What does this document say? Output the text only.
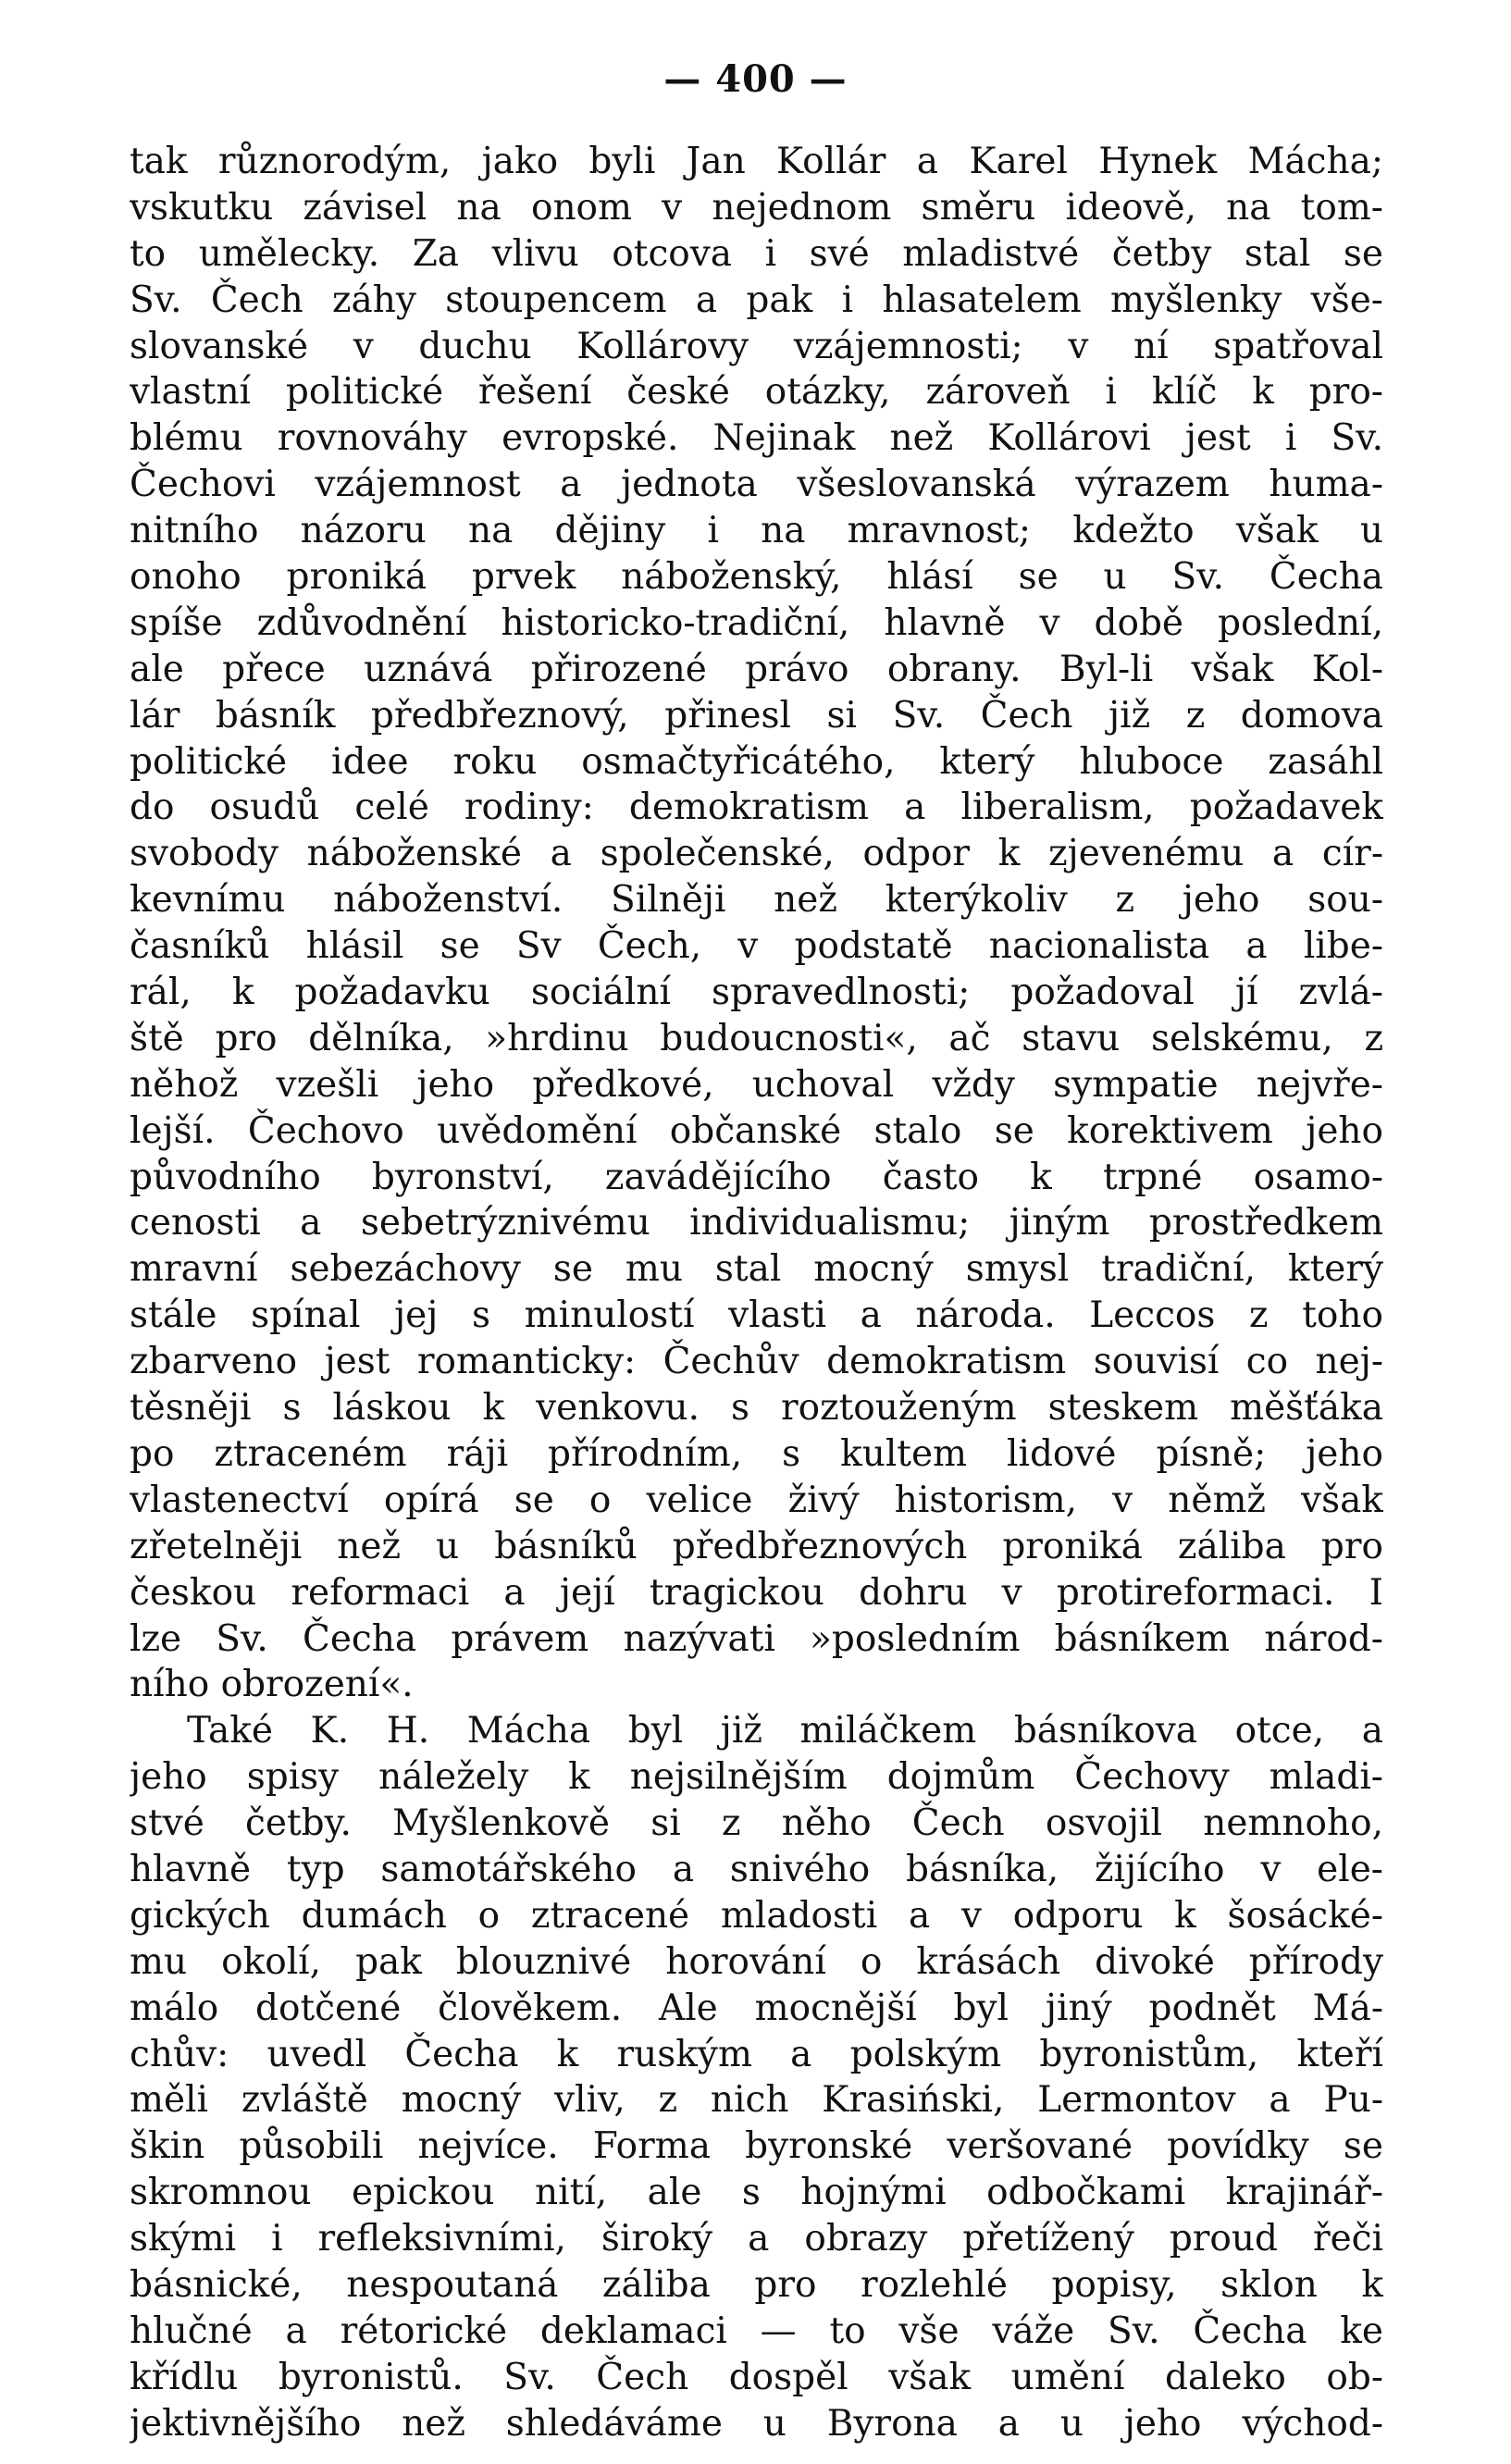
— 400 —
tak různorodým, jako byli Jan Kollár a Karel Hynek Mácha;
vskutku závisel na onom v nejednom směru ideově, na tom-
to umělecky. Za vlivu otcova i své mladistvé četby stal se
Sv. Čech záhy stoupencem a pak i hlasatelem myšlenky vše-
slovanské v duchu Kollárovy vzájemnosti; v ní spatřoval
vlastní politické řešení české otázky, zároveň i klíč k pro-
blému rovnováhy evropské. Nejinak než Kollárovi jest i Sv.
Čechovi vzájemnost a jednota všeslovanská výrazem huma-
nitního názoru na dějiny i na mravnost; kdežto však u
onoho proniká prvek náboženský, hlásí se u Sv. Čecha
spíše zdůvodnění historicko-tradiční, hlavně v době poslední,
ale přece uznává přirozené právo obrany. Byl-li však Kol-
lár básník předbřeznový, přinesl si Sv. Čech již z domova
politické idee roku osmačtyřicátého, který hluboce zasáhl
do osudů celé rodiny: demokratism a liberalism, požadavek
svobody náboženské a společenské, odpor k zjevenému a cír-
kevnímu náboženství. Silněji než kterýkoliv z jeho sou-
časníků hlásil se Sv Čech, v podstatě nacionalista a libe-
rál, k požadavku sociální spravedlnosti; požadoval jí zvlá-
ště pro dělníka, »hrdinu budoucnosti«, ač stavu selskému, z
něhož vzešli jeho předkové, uchoval vždy sympatie nejvře-
lejší. Čechovo uvědomění občanské stalo se korektivem jeho
původního byronství, zavádějícího často k trpné osamo-
cenosti a sebetrýznivému individualismu; jiným prostředkem
mravní sebezáchovy se mu stal mocný smysl tradiční, který
stále spínal jej s minulostí vlasti a národa. Leccos z toho
zbarveno jest romanticky: Čechův demokratism souvisí co nej-
těsněji s láskou k venkovu. s roztouženým steskem měšťáka
po ztraceném ráji přírodním, s kultem lidové písně; jeho
vlastenectví opírá se o velice živý historism, v němž však
zřetelněji než u básníků předbřeznových proniká záliba pro
českou reformaci a její tragickou dohru v protireformaci. I
lze Sv. Čecha právem nazývati »posledním básníkem národ-
ního obrození«.
Také K. H. Mácha byl již miláčkem básníkova otce, a
jeho spisy náležely k nejsilnějším dojmům Čechovy mladi-
stvé četby. Myšlenkově si z něho Čech osvojil nemnoho,
hlavně typ samotářského a snivého básníka, žijícího v ele-
gických dumách o ztracené mladosti a v odporu k šosácké-
mu okolí, pak blouznivé horování o krásách divoké přírody
málo dotčené člověkem. Ale mocnější byl jiný podnět Má-
chův: uvedl Čecha k ruským a polským byronistům, kteří
měli zvláště mocný vliv, z nich Krasiński, Lermontov a Pu-
škin působili nejvíce. Forma byronské veršované povídky se
skromnou epickou nití, ale s hojnými odbočkami krajinář-
skými i refleksivními, široký a obrazy přetížený proud řeči
básnické, nespoutaná záliba pro rozlehlé popisy, sklon k
hlučné a rétorické deklamaci — to vše váže Sv. Čecha ke
křídlu byronistů. Sv. Čech dospěl však umění daleko ob-
jektivnějšího než shledáváme u Byrona a u jeho východ-
